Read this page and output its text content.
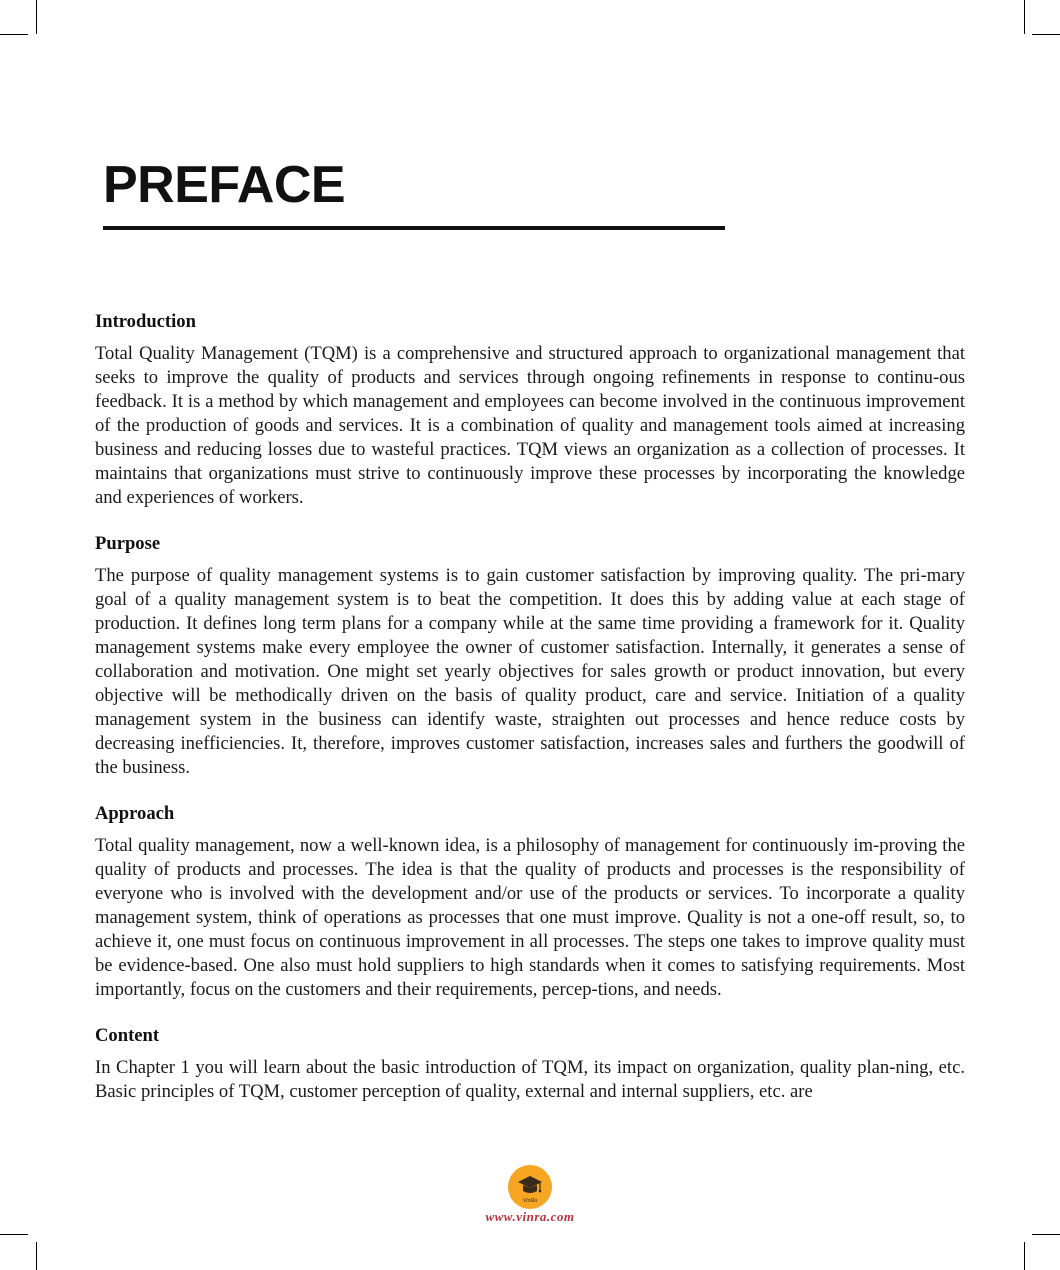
PREFACE
Introduction

Total Quality Management (TQM) is a comprehensive and structured approach to organizational management that seeks to improve the quality of products and services through ongoing refinements in response to continu-ous feedback. It is a method by which management and employees can become involved in the continuous improvement of the production of goods and services. It is a combination of quality and management tools aimed at increasing business and reducing losses due to wasteful practices. TQM views an organization as a collection of processes. It maintains that organizations must strive to continuously improve these processes by incorporating the knowledge and experiences of workers.

Purpose

The purpose of quality management systems is to gain customer satisfaction by improving quality. The pri-mary goal of a quality management system is to beat the competition. It does this by adding value at each stage of production. It defines long term plans for a company while at the same time providing a framework for it. Quality management systems make every employee the owner of customer satisfaction. Internally, it generates a sense of collaboration and motivation. One might set yearly objectives for sales growth or product innovation, but every objective will be methodically driven on the basis of quality product, care and service. Initiation of a quality management system in the business can identify waste, straighten out processes and hence reduce costs by decreasing inefficiencies. It, therefore, improves customer satisfaction, increases sales and furthers the goodwill of the business.

Approach

Total quality management, now a well-known idea, is a philosophy of management for continuously im-proving the quality of products and processes. The idea is that the quality of products and processes is the responsibility of everyone who is involved with the development and/or use of the products or services. To incorporate a quality management system, think of operations as processes that one must improve. Quality is not a one-off result, so, to achieve it, one must focus on continuous improvement in all processes. The steps one takes to improve quality must be evidence-based. One also must hold suppliers to high standards when it comes to satisfying requirements. Most importantly, focus on the customers and their requirements, percep-tions, and needs.

Content

In Chapter 1 you will learn about the basic introduction of TQM, its impact on organization, quality plan-ning, etc. Basic principles of TQM, customer perception of quality, external and internal suppliers, etc. are

VinRa
www.vinra.com
